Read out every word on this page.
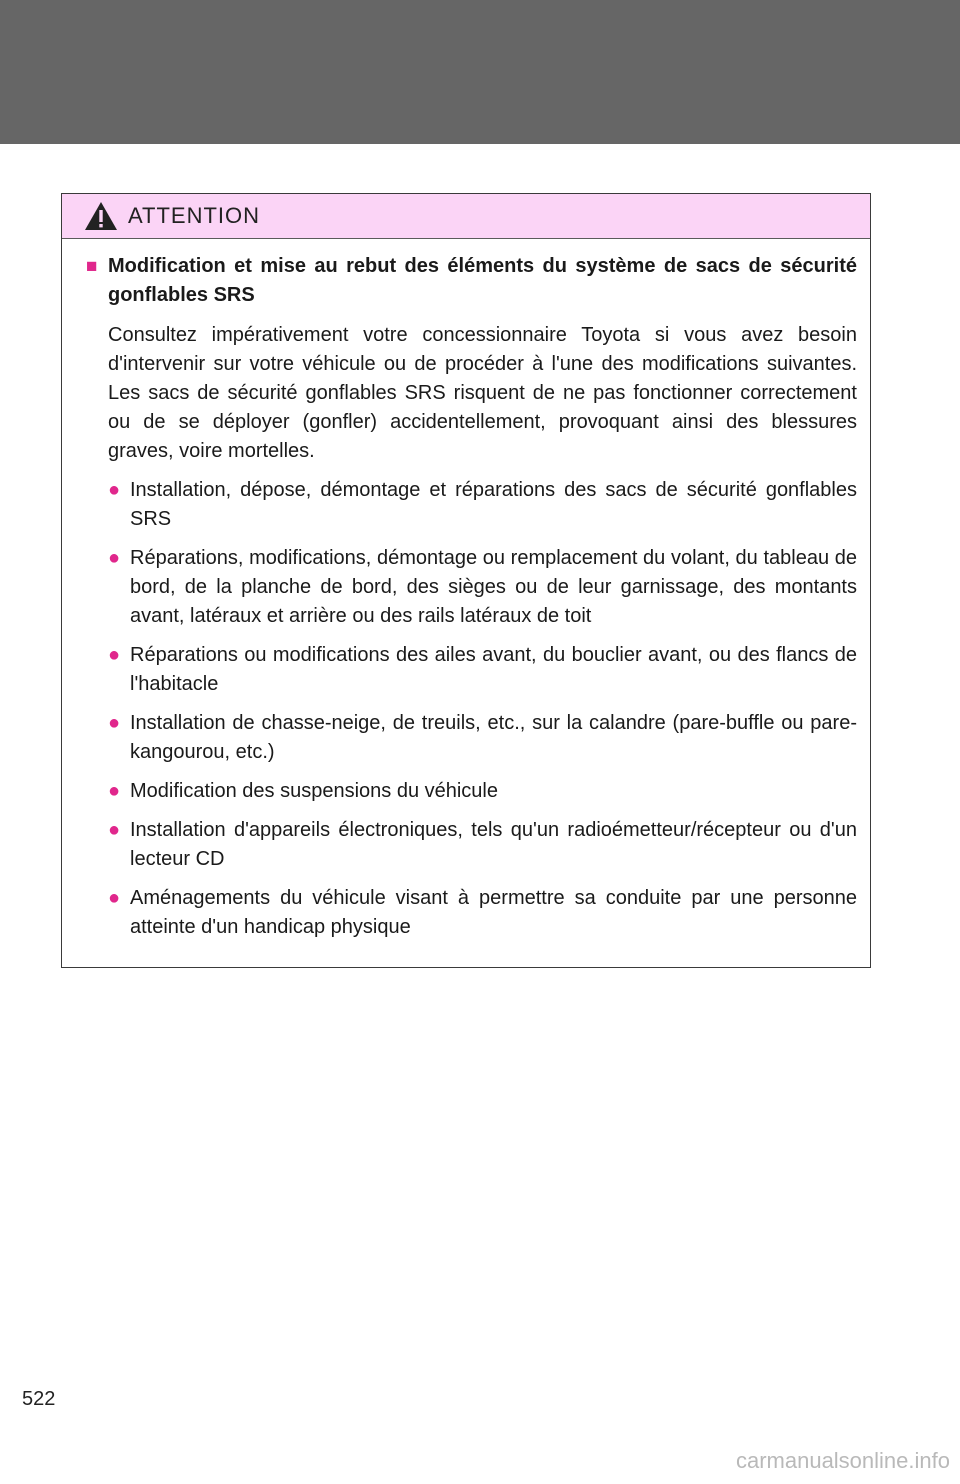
ATTENTION
■ Modification et mise au rebut des éléments du système de sacs de sécurité gonflables SRS
Consultez impérativement votre concessionnaire Toyota si vous avez besoin d'intervenir sur votre véhicule ou de procéder à l'une des modifications suivantes. Les sacs de sécurité gonflables SRS risquent de ne pas fonctionner correctement ou de se déployer (gonfler) accidentellement, provoquant ainsi des blessures graves, voire mortelles.
● Installation, dépose, démontage et réparations des sacs de sécurité gonflables SRS
● Réparations, modifications, démontage ou remplacement du volant, du tableau de bord, de la planche de bord, des sièges ou de leur garnissage, des montants avant, latéraux et arrière ou des rails latéraux de toit
● Réparations ou modifications des ailes avant, du bouclier avant, ou des flancs de l'habitacle
● Installation de chasse-neige, de treuils, etc., sur la calandre (pare-buffle ou pare-kangourou, etc.)
● Modification des suspensions du véhicule
● Installation d'appareils électroniques, tels qu'un radioémetteur/récepteur ou d'un lecteur CD
● Aménagements du véhicule visant à permettre sa conduite par une personne atteinte d'un handicap physique
522
carmanualsonline.info
